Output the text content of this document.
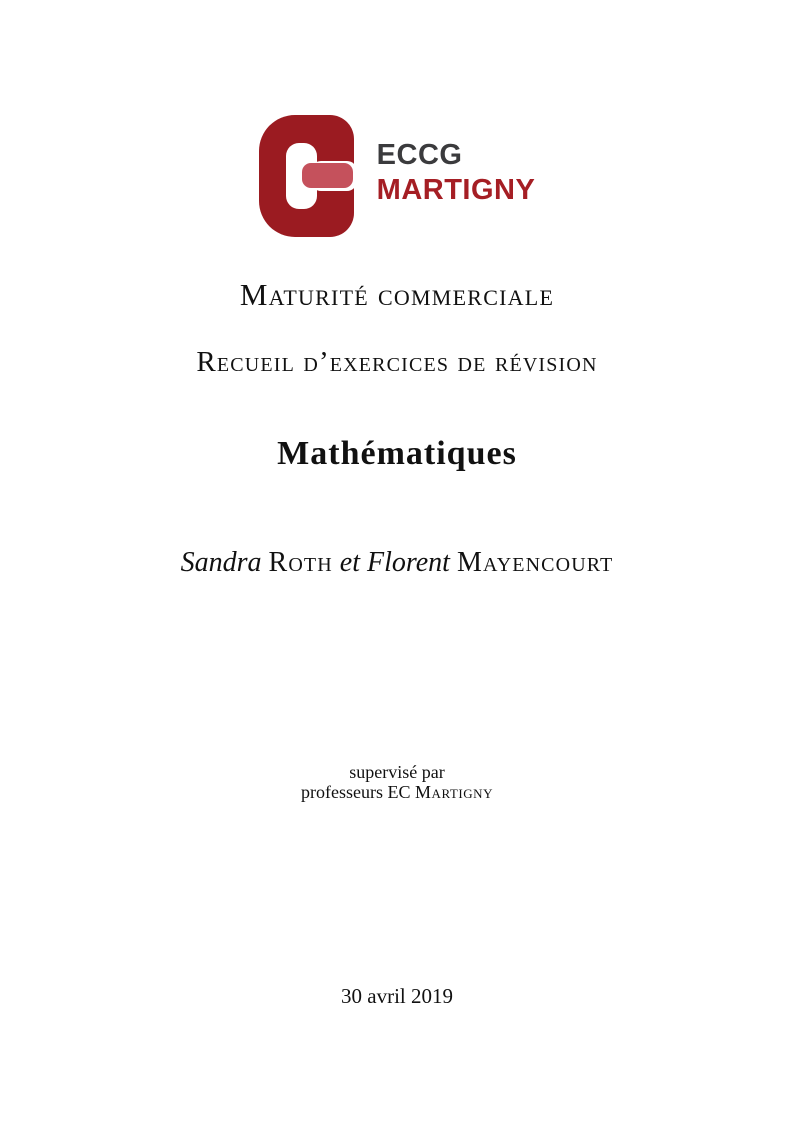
ECCG
MARTIGNY
Maturité commerciale
Recueil d’exercices de révision
Mathématiques
Sandra Roth et Florent Mayencourt
supervisé par
professeurs EC Martigny
30 avril 2019
